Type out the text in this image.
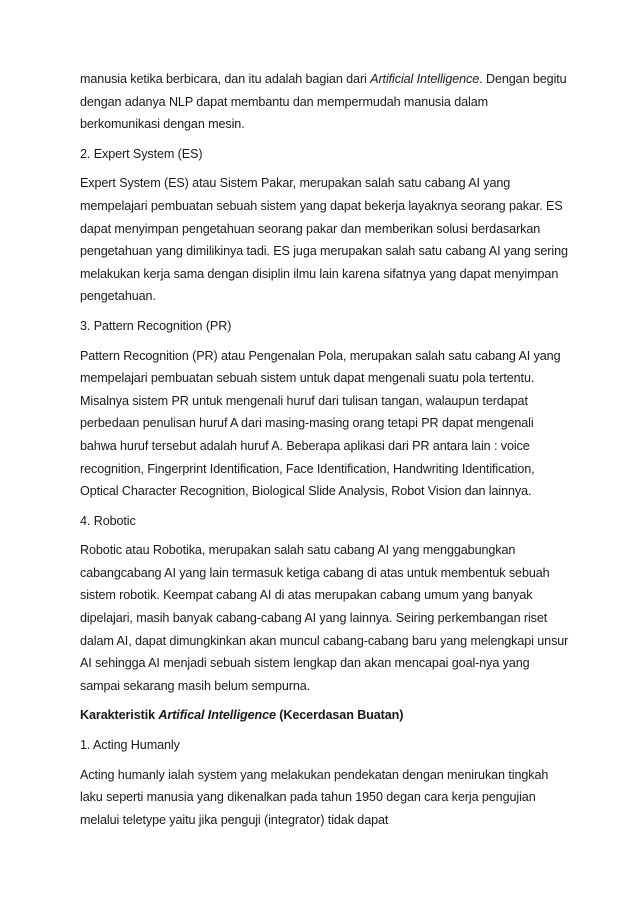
manusia ketika berbicara, dan itu adalah bagian dari Artificial Intelligence. Dengan begitu dengan adanya NLP dapat membantu dan mempermudah manusia dalam berkomunikasi dengan mesin.

2. Expert System (ES)

Expert System (ES) atau Sistem Pakar, merupakan salah satu cabang AI yang mempelajari pembuatan sebuah sistem yang dapat bekerja layaknya seorang pakar. ES dapat menyimpan pengetahuan seorang pakar dan memberikan solusi berdasarkan pengetahuan yang dimilikinya tadi. ES juga merupakan salah satu cabang AI yang sering melakukan kerja sama dengan disiplin ilmu lain karena sifatnya yang dapat menyimpan pengetahuan.

3. Pattern Recognition (PR)

Pattern Recognition (PR) atau Pengenalan Pola, merupakan salah satu cabang AI yang mempelajari pembuatan sebuah sistem untuk dapat mengenali suatu pola tertentu. Misalnya sistem PR untuk mengenali huruf dari tulisan tangan, walaupun terdapat perbedaan penulisan huruf A dari masing-masing orang tetapi PR dapat mengenali bahwa huruf tersebut adalah huruf A. Beberapa aplikasi dari PR antara lain : voice recognition, Fingerprint Identification, Face Identification, Handwriting Identification, Optical Character Recognition, Biological Slide Analysis, Robot Vision dan lainnya.

4. Robotic

Robotic atau Robotika, merupakan salah satu cabang AI yang menggabungkan cabangcabang AI yang lain termasuk ketiga cabang di atas untuk membentuk sebuah sistem robotik. Keempat cabang AI di atas merupakan cabang umum yang banyak dipelajari, masih banyak cabang-cabang AI yang lainnya. Seiring perkembangan riset dalam AI, dapat dimungkinkan akan muncul cabang-cabang baru yang melengkapi unsur AI sehingga AI menjadi sebuah sistem lengkap dan akan mencapai goal-nya yang sampai sekarang masih belum sempurna.

Karakteristik Artifical Intelligence (Kecerdasan Buatan)

1. Acting Humanly

Acting humanly ialah system yang melakukan pendekatan dengan menirukan tingkah laku seperti manusia yang dikenalkan pada tahun 1950 degan cara kerja pengujian melalui teletype yaitu jika penguji (integrator) tidak dapat
